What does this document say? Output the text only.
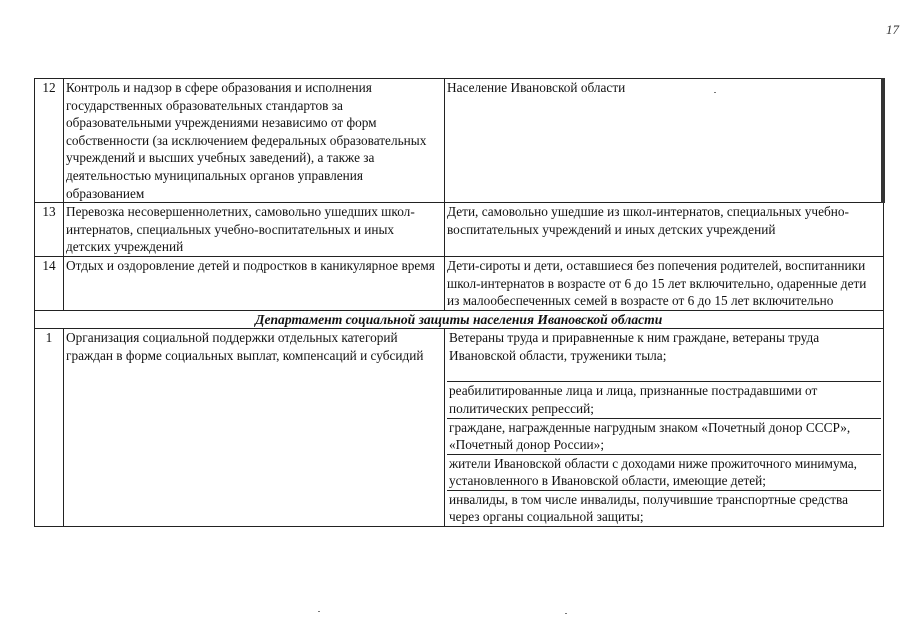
17
12	Контроль и надзор в сфере образования и исполнения государственных образовательных стандартов за образовательными учреждениями независимо от форм собственности (за исключением федеральных образовательных учреждений и высших учебных заведений), а также за деятельностью муниципальных органов управления образованием	Население Ивановской области
13	Перевозка несовершеннолетних, самовольно ушедших школ-интернатов, специальных учебно-воспитательных и иных детских учреждений	Дети, самовольно ушедшие из школ-интернатов, специальных учебно-воспитательных учреждений и иных детских учреждений
14	Отдых и оздоровление детей и подростков в каникулярное время	Дети-сироты и дети, оставшиеся без попечения родителей, воспитанники школ-интернатов в возрасте от 6 до 15 лет включительно, одаренные дети из малообеспеченных семей в возрасте от 6 до 15 лет включительно
Департамент социальной защиты населения Ивановской области		
1	Организация социальной поддержки отдельных категорий граждан в форме социальных выплат, компенсаций и субсидий	Ветераны труда и приравненные к ним граждане, ветераны труда Ивановской области, труженики тыла;
реабилитированные лица и лица, признанные пострадавшими от политических репрессий;
граждане, награжденные нагрудным знаком «Почетный донор СССР», «Почетный донор России»;
жители Ивановской области с доходами ниже прожиточного минимума, установленного в Ивановской области, имеющие детей;
инвалиды, в том числе инвалиды, получившие транспортные средства через органы социальной защиты;
